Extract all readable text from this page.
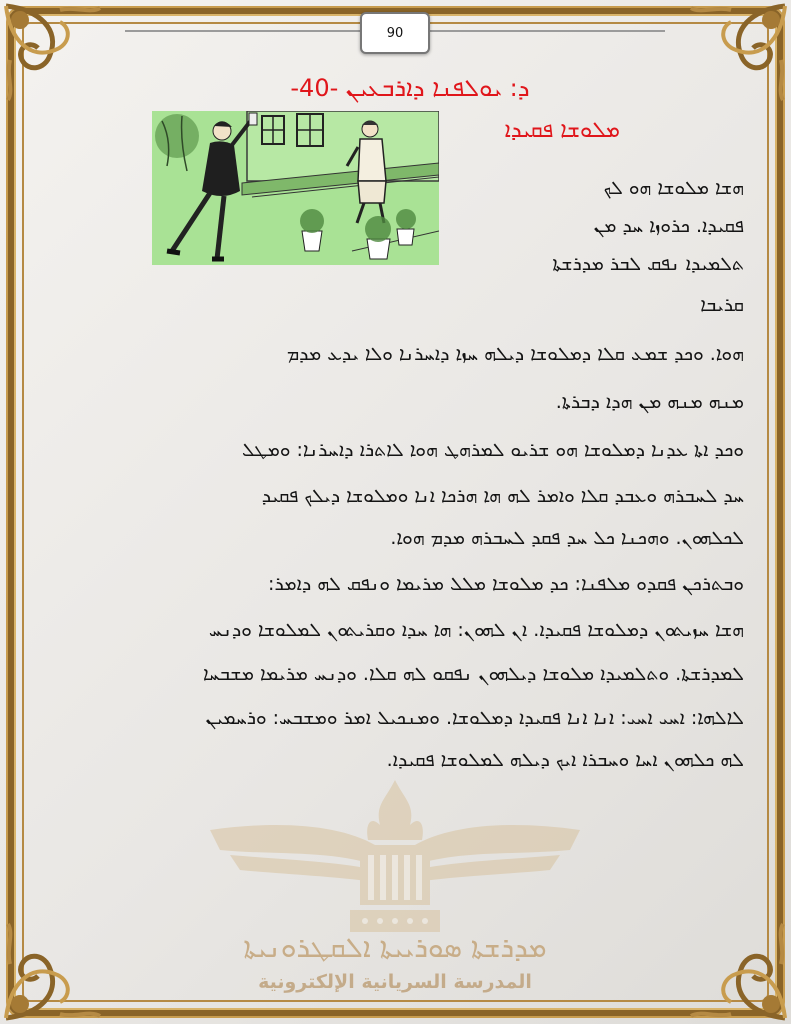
90
ܕ: ܝܘܠܦܢܐ ܕܐܪܒܥܝܢ -40-
ܡܠܘܫܐ ܦܩܝܕܐ
ܗܫܐ ܡܠܘܫܐ ܗܘ ܠܟ
ܦܩܝܕܐ. ܟܪܘܙܐ ܚܕ ܡܢ
ܬܠܡܝܕܐ ܢܦܩ ܠܒܪ ܡܕܪܫܬܐ
ܩܪܝܒܐ
ܗܘܐ. ܘܟܕ ܫܡܥ ܩܠܐ ܕܡܠܘܫܐ ܕܝܠܗ ܚܙܐ ܕܐܚܪܢܐ ܘܠܐ ܝܕܥ ܡܕܡ
ܡܢܗ ܡܢܗ ܡܢ ܗܕܐ ܕܒܪܬܐ.
ܘܟܕ ܐܬܐ ܥܕܢܐ ܕܡܠܘܫܐ ܗܘ ܫܪܝܘ ܠܡܪܗܛ ܗܘܐ ܠܐܬܪܐ ܕܐܚܪܢܐ: ܘܡܛܠ
ܚܕ ܠܚܒܪܗ ܘܥܒܕ ܩܠܐ ܘܐܡܪ ܠܗ ܗܐ ܗܪܟܐ ܐܢܐ ܘܡܠܘܫܐ ܕܝܠܟ ܦܩܝܕ
ܠܟܠܗܘܢ. ܘܗܟܢܐ ܟܠ ܚܕ ܦܩܕ ܠܚܒܪܗ ܡܕܡ ܗܘܐ.
ܘܒܬܪܟܢ ܦܩܕܘ ܡܠܦܢܐ: ܟܕ ܡܠܘܫܐ ܡܠܠ ܡܪܝܡܐ ܘܢܦܩ ܠܗ ܕܐܡܪ:
ܗܫܐ ܚܙܝܬܘܢ ܕܡܠܘܫܐ ܦܩܝܕܐ. ܐܢ ܠܗܘܢ: ܗܐ ܚܕܐ ܘܩܪܝܬܘܢ ܠܡܠܘܫܐ ܘܕܢܚ
ܠܡܕܪܫܬܐ. ܘܬܠܡܝܕܐ ܡܠܘܫܐ ܕܝܠܗܘܢ ܢܦܩܘ ܠܗ ܩܠܐ. ܘܕܢܚ ܡܪܝܡܐ ܡܫܒܚܐ
ܠܐܠܗܐ: ܐܚܝ ܐܚܝ: ܐܢܐ ܐܢܐ ܦܩܝܕܐ ܕܡܠܘܫܐ. ܘܡܢܟܝܠ ܐܡܪ ܘܡܫܒܚ: ܘܪܚܡܝܢ
ܠܗ ܟܠܗܘܢ ܐܚܐ ܘܚܒܪܐ ܐܝܟ ܕܝܠܗ ܠܡܠܘܫܐ ܦܩܝܕܐ.
ܡܕܪܫܬܐ ܣܘܪܝܝܬܐ ܐܠܩܛܪܘܢܝܬܐ
المدرسة السريانية الإلكترونية
